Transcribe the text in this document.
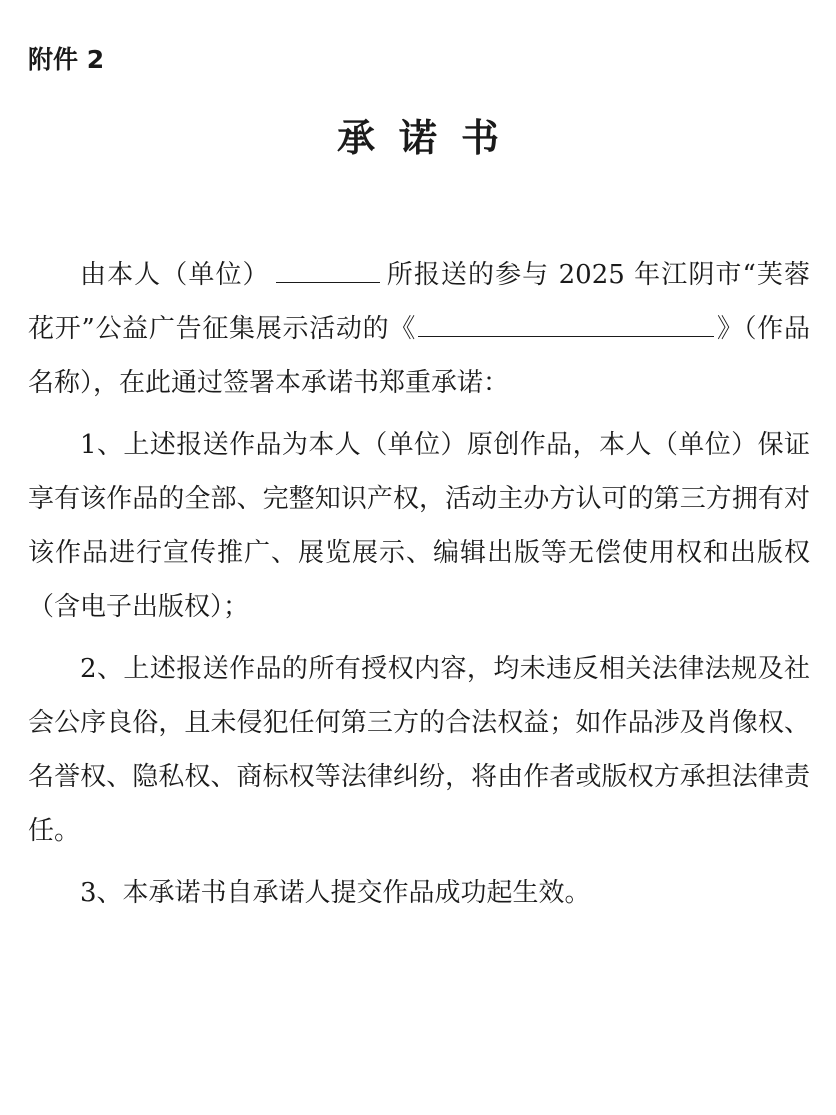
附件 2
承诺书

由本人（单位）	所报送的参与 2025 年江阴市“芙蓉花开”公益广告征集展示活动的《	》（作品名称），在此通过签署本承诺书郑重承诺：

1、上述报送作品为本人（单位）原创作品，本人（单位）保证享有该作品的全部、完整知识产权，活动主办方认可的第三方拥有对该作品进行宣传推广、展览展示、编辑出版等无偿使用权和出版权（含电子出版权）；

2、上述报送作品的所有授权内容，均未违反相关法律法规及社会公序良俗，且未侵犯任何第三方的合法权益；如作品涉及肖像权、名誉权、隐私权、商标权等法律纠纷，将由作者或版权方承担法律责任。

3、本承诺书自承诺人提交作品成功起生效。
